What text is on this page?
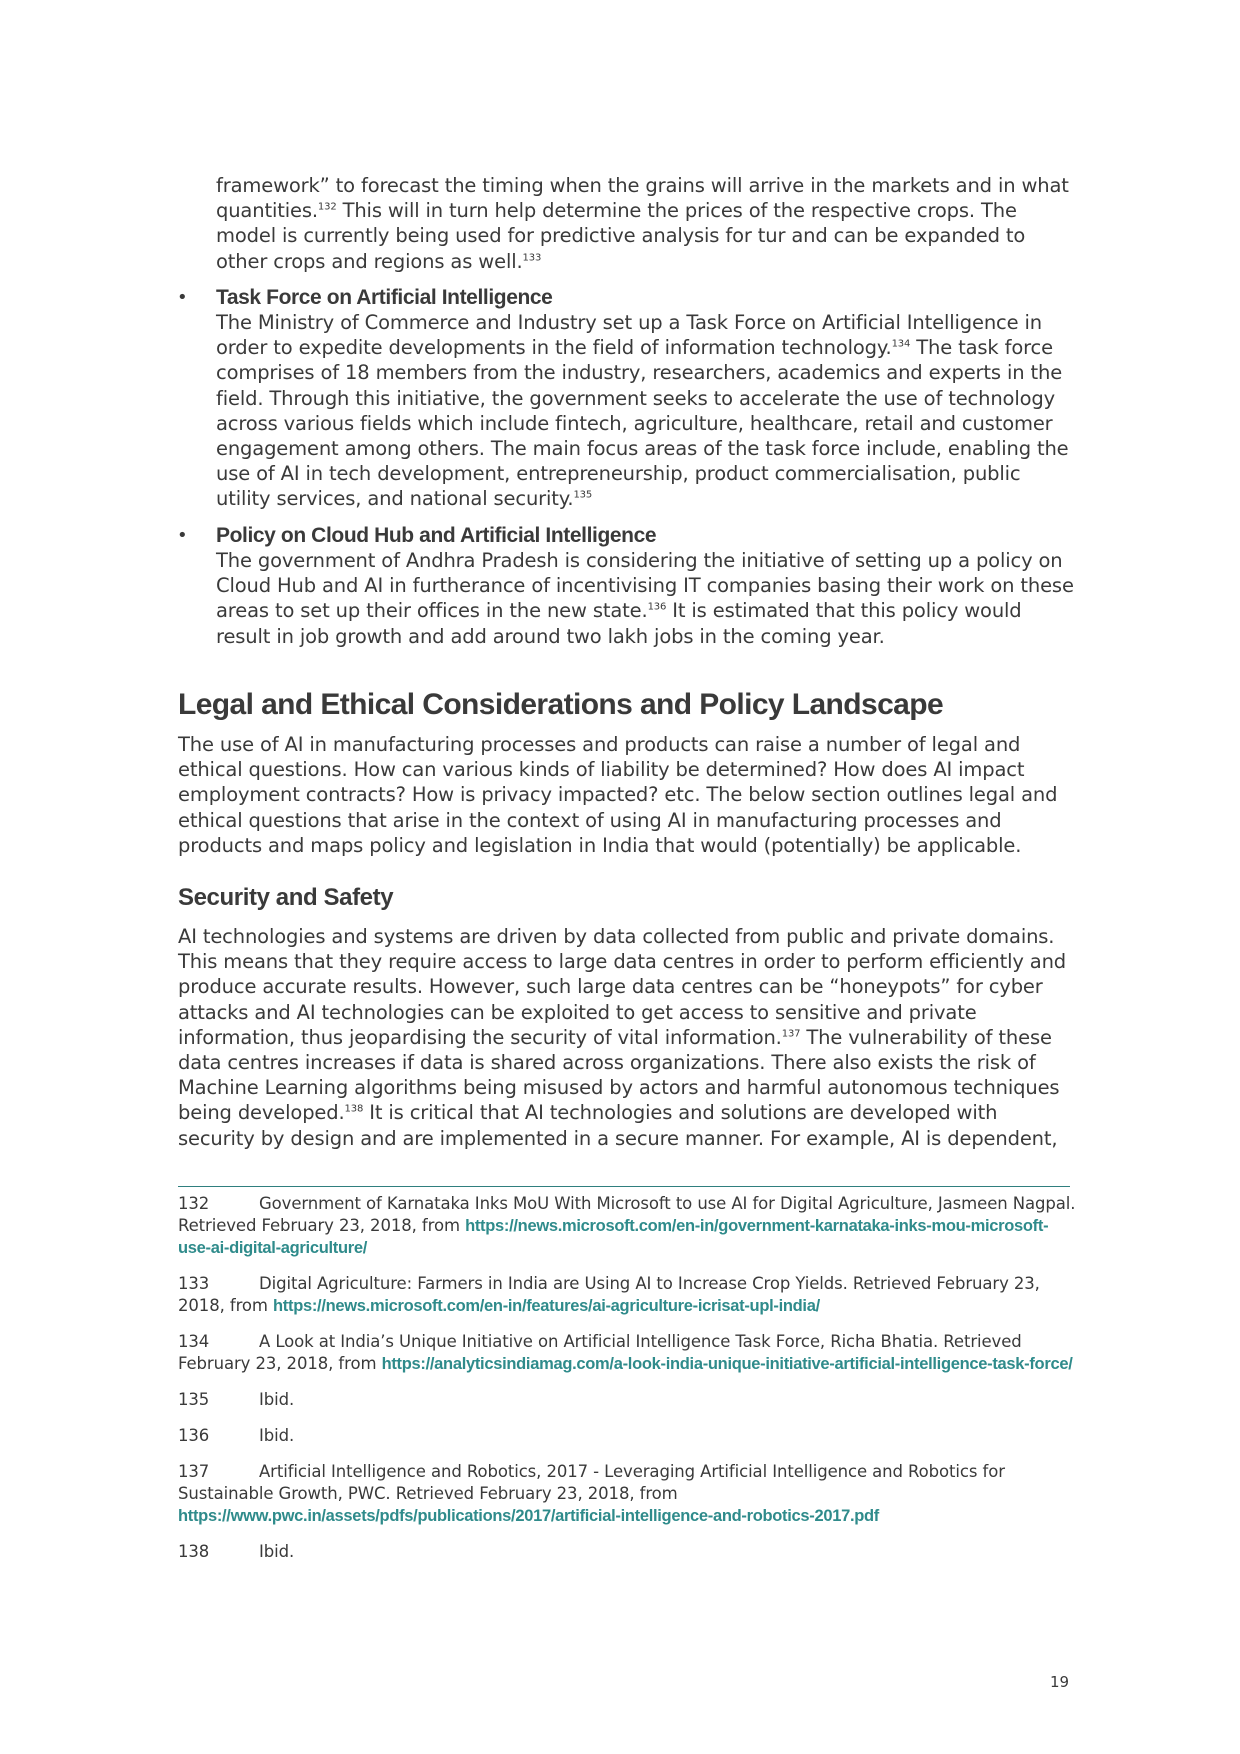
framework” to forecast the timing when the grains will arrive in the markets and in what quantities.$^{132}$ This will in turn help determine the prices of the respective crops. The model is currently being used for predictive analysis for tur and can be expanded to other crops and regions as well.$^{133}$

• Task Force on Artificial Intelligence

The Ministry of Commerce and Industry set up a Task Force on Artificial Intelligence in order to expedite developments in the field of information technology.$^{134}$ The task force comprises of 18 members from the industry, researchers, academics and experts in the field. Through this initiative, the government seeks to accelerate the use of technology across various fields which include fintech, agriculture, healthcare, retail and customer engagement among others. The main focus areas of the task force include, enabling the use of AI in tech development, entrepreneurship, product commercialisation, public utility services, and national security.$^{135}$

• Policy on Cloud Hub and Artificial Intelligence

The government of Andhra Pradesh is considering the initiative of setting up a policy on Cloud Hub and AI in furtherance of incentivising IT companies basing their work on these areas to set up their offices in the new state.$^{136}$ It is estimated that this policy would result in job growth and add around two lakh jobs in the coming year.

Legal and Ethical Considerations and Policy Landscape

The use of AI in manufacturing processes and products can raise a number of legal and ethical questions. How can various kinds of liability be determined? How does AI impact employment contracts? How is privacy impacted? etc. The below section outlines legal and ethical questions that arise in the context of using AI in manufacturing processes and products and maps policy and legislation in India that would (potentially) be applicable.

Security and Safety

AI technologies and systems are driven by data collected from public and private domains. This means that they require access to large data centres in order to perform efficiently and produce accurate results. However, such large data centres can be “honeypots” for cyber attacks and AI technologies can be exploited to get access to sensitive and private information, thus jeopardising the security of vital information.$^{137}$ The vulnerability of these data centres increases if data is shared across organizations. There also exists the risk of Machine Learning algorithms being misused by actors and harmful autonomous techniques being developed.$^{138}$ It is critical that AI technologies and solutions are developed with security by design and are implemented in a secure manner. For example, AI is dependent,

132	Government of Karnataka Inks MoU With Microsoft to use AI for Digital Agriculture, Jasmeen Nagpal. Retrieved February 23, 2018, from https://news.microsoft.com/en-in/government-karnataka-inks-mou-microsoft-use-ai-digital-agriculture/

133	Digital Agriculture: Farmers in India are Using AI to Increase Crop Yields. Retrieved February 23, 2018, from https://news.microsoft.com/en-in/features/ai-agriculture-icrisat-upl-india/

134	A Look at India’s Unique Initiative on Artificial Intelligence Task Force, Richa Bhatia. Retrieved February 23, 2018, from https://analyticsindiamag.com/a-look-india-unique-initiative-artificial-intelligence-task-force/

135	Ibid.

136	Ibid.

137	Artificial Intelligence and Robotics, 2017 - Leveraging Artificial Intelligence and Robotics for Sustainable Growth, PWC. Retrieved February 23, 2018, from https://www.pwc.in/assets/pdfs/publications/2017/artificial-intelligence-and-robotics-2017.pdf

138	Ibid.

19
